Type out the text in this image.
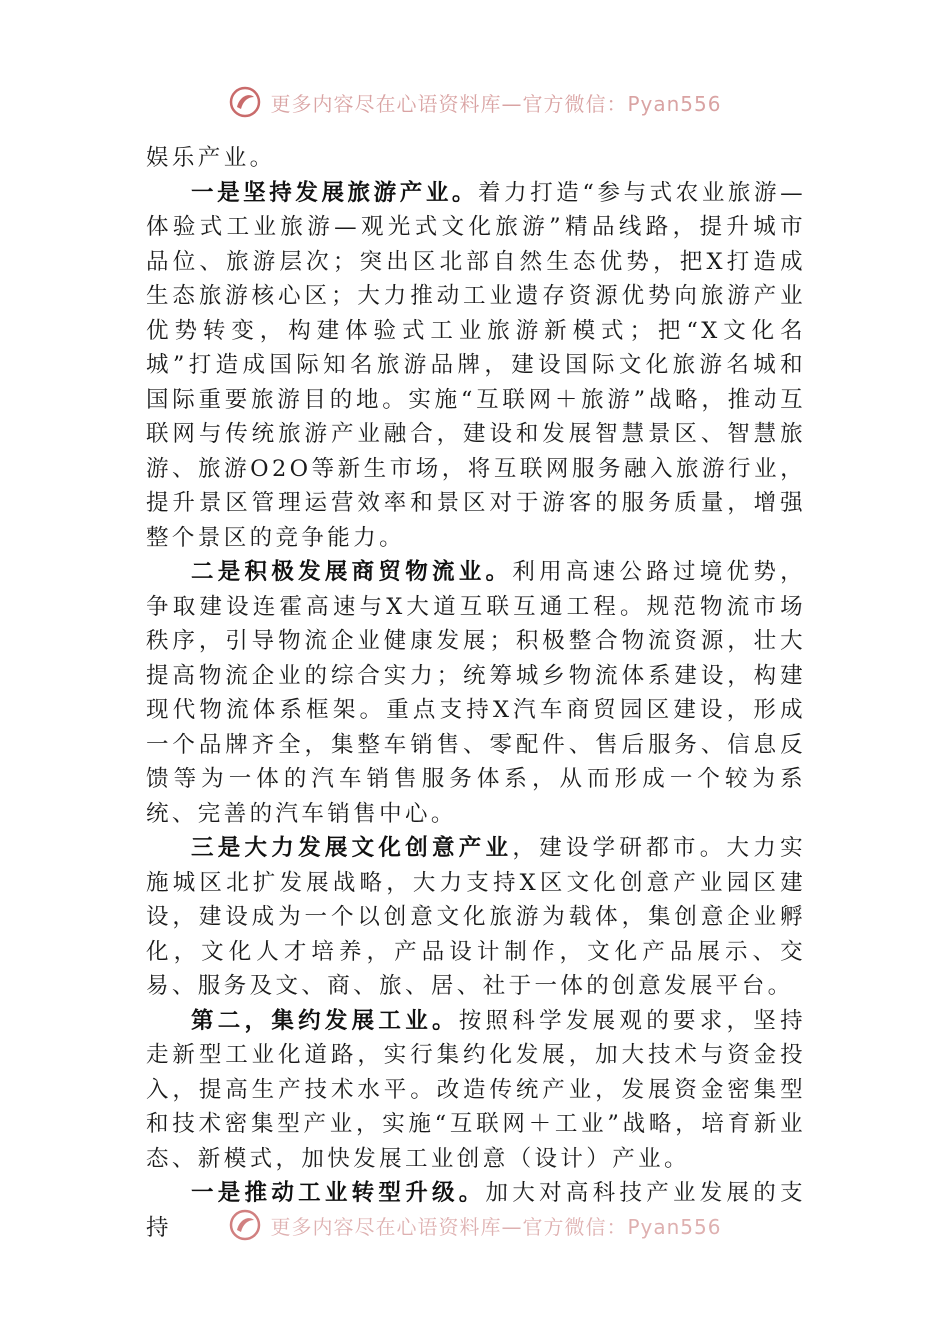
更多内容尽在心语资料库—官方微信：Pyan556

娱乐产业。

一是坚持发展旅游产业。着力打造“参与式农业旅游—体验式工业旅游—观光式文化旅游”精品线路，提升城市品位、旅游层次；突出区北部自然生态优势，把X打造成生态旅游核心区；大力推动工业遗存资源优势向旅游产业优势转变，构建体验式工业旅游新模式；把“X文化名城”打造成国际知名旅游品牌，建设国际文化旅游名城和国际重要旅游目的地。实施“互联网＋旅游”战略，推动互联网与传统旅游产业融合，建设和发展智慧景区、智慧旅游、旅游O2O等新生市场，将互联网服务融入旅游行业，提升景区管理运营效率和景区对于游客的服务质量，增强整个景区的竞争能力。

二是积极发展商贸物流业。利用高速公路过境优势，争取建设连霍高速与X大道互联互通工程。规范物流市场秩序，引导物流企业健康发展；积极整合物流资源，壮大提高物流企业的综合实力；统筹城乡物流体系建设，构建现代物流体系框架。重点支持X汽车商贸园区建设，形成一个品牌齐全，集整车销售、零配件、售后服务、信息反馈等为一体的汽车销售服务体系，从而形成一个较为系统、完善的汽车销售中心。

三是大力发展文化创意产业，建设学研都市。大力实施城区北扩发展战略，大力支持X区文化创意产业园区建设，建设成为一个以创意文化旅游为载体，集创意企业孵化，文化人才培养，产品设计制作，文化产品展示、交易、服务及文、商、旅、居、社于一体的创意发展平台。

第二，集约发展工业。按照科学发展观的要求，坚持走新型工业化道路，实行集约化发展，加大技术与资金投入，提高生产技术水平。改造传统产业，发展资金密集型和技术密集型产业，实施“互联网＋工业”战略，培育新业态、新模式，加快发展工业创意（设计）产业。

一是推动工业转型升级。加大对高科技产业发展的支持	更多内容尽在心语资料库—官方微信：Pyan556
